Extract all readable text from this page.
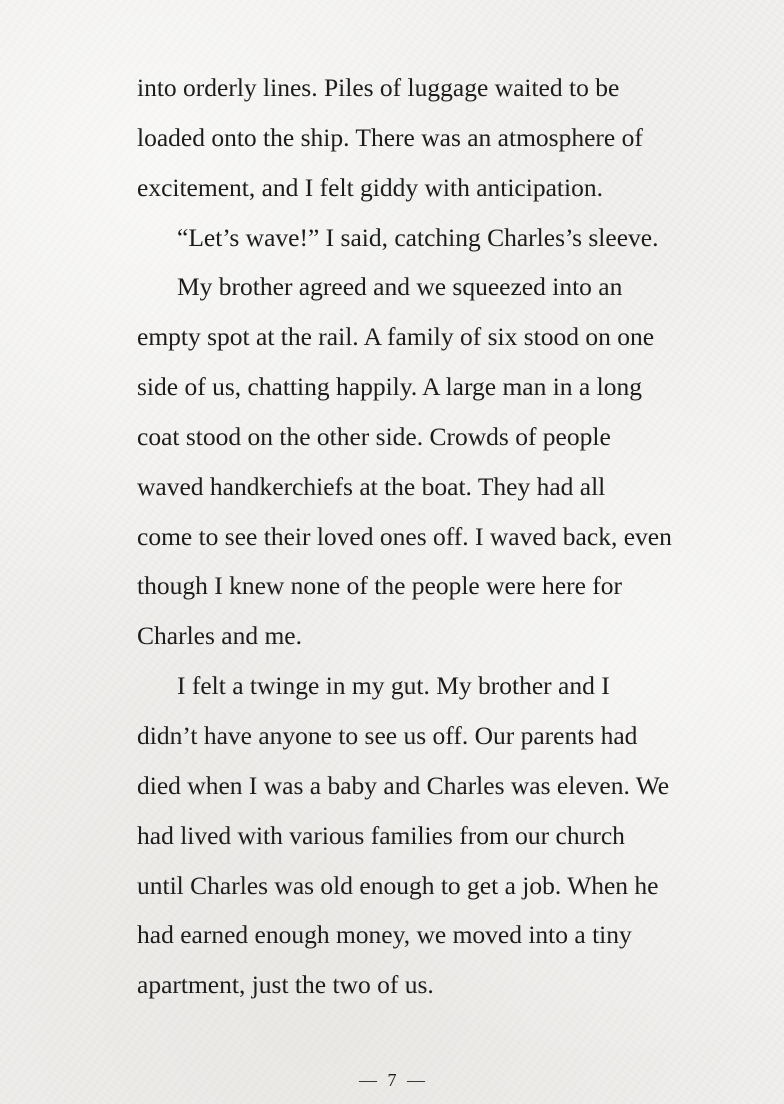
into orderly lines. Piles of luggage waited to be
loaded onto the ship. There was an atmosphere of
excitement, and I felt giddy with anticipation.
“Let’s wave!” I said, catching Charles’s sleeve.
My brother agreed and we squeezed into an
empty spot at the rail. A family of six stood on one
side of us, chatting happily. A large man in a long
coat stood on the other side. Crowds of people
waved handkerchiefs at the boat. They had all
come to see their loved ones off. I waved back, even
though I knew none of the people were here for
Charles and me.
I felt a twinge in my gut. My brother and I
didn’t have anyone to see us off. Our parents had
died when I was a baby and Charles was eleven. We
had lived with various families from our church
until Charles was old enough to get a job. When he
had earned enough money, we moved into a tiny
apartment, just the two of us.
— 7 —
